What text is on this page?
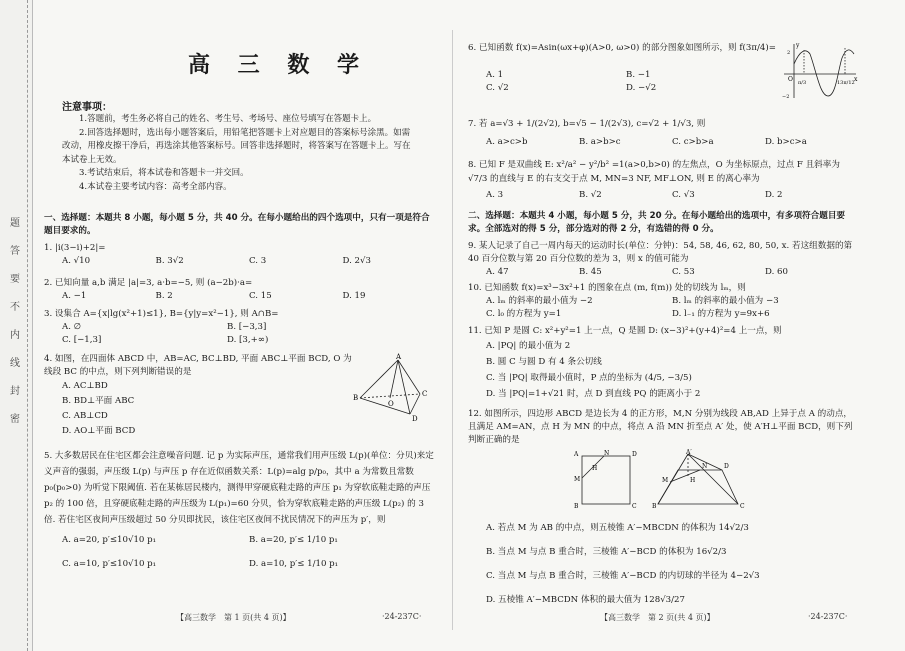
题
答
要
不
内
线
封
密
高 三 数 学
注意事项：

1.答题前，考生务必将自己的姓名、考生号、考场号、座位号填写在答题卡上。

2.回答选择题时，选出每小题答案后，用铅笔把答题卡上对应题目的答案标号涂黑。如需改动，用橡皮擦干净后，再选涂其他答案标号。回答非选择题时，将答案写在答题卡上。写在本试卷上无效。

3.考试结束后，将本试卷和答题卡一并交回。

4.本试卷主要考试内容：高考全部内容。

一、选择题：本题共 8 小题，每小题 5 分，共 40 分。在每小题给出的四个选项中，只有一项是符合题目要求的。
1. |i(3−i)+2|=
A. √10	B. 3√2	C. 3	D. 2√3
2. 已知向量 a,b 满足 |a|=3, a·b=−5, 则 (a−2b)·a=
A. −1	B. 2	C. 15	D. 19
3. 设集合 A={x|lg(x²+1)≤1}, B={y|y=x²−1}, 则 A∩B=
A. ∅	B. [−3,3]
C. [−1,3]	D. [3,+∞)
4. 如图，在四面体 ABCD 中，AB=AC, BC⊥BD, 平面 ABC⊥平面 BCD, O 为线段 BC 的中点，则下列判断错误的是
A. AC⊥BD
B. BD⊥平面 ABC
C. AB⊥CD
D. AO⊥平面 BCD
A
B
O
C
D
5. 大多数居民在住宅区都会注意噪音问题. 记 p 为实际声压，通常我们用声压级 L(p)(单位：分贝)来定义声音的强弱，声压级 L(p) 与声压 p 存在近似函数关系：L(p)=alg p/p₀，其中 a 为常数且常数 p₀(p₀>0) 为听觉下限阈值. 若在某栋居民楼内，测得甲穿硬底鞋走路的声压 p₁ 为穿软底鞋走路的声压 p₂ 的 100 倍，且穿硬底鞋走路的声压级为 L(p₁)=60 分贝，恰为穿软底鞋走路的声压级 L(p₂) 的 3 倍. 若住宅区夜间声压级超过 50 分贝即扰民，该住宅区夜间不扰民情况下的声压为 p′，则
A. a=20, p′≤10√10 p₁	B. a=20, p′≤ 1/10 p₁
C. a=10, p′≤10√10 p₁	D. a=10, p′≤ 1/10 p₁
【高三数学　第 1 页(共 4 页)】	·24-237C·
6. 已知函数 f(x)=Asin(ωx+φ)(A>0, ω>0) 的部分图象如图所示，则 f(3π/4)=
A. 1	B. −1
C. √2	D. −√2
y
O	x
π/3	13π/12
2
−2
7. 若 a=√3 + 1/(2√2), b=√5 − 1/(2√3), c=√2 + 1/√3, 则
A. a>c>b	B. a>b>c	C. c>b>a	D. b>c>a
8. 已知 F 是双曲线 E: x²/a² − y²/b² =1(a>0,b>0) 的左焦点，O 为坐标原点，过点 F 且斜率为 √7/3 的直线与 E 的右支交于点 M, MN=3 NF, MF⊥ON, 则 E 的离心率为
A. 3	B. √2	C. √3	D. 2
二、选择题：本题共 4 小题，每小题 5 分，共 20 分。在每小题给出的选项中，有多项符合题目要求。全部选对的得 5 分，部分选对的得 2 分，有选错的得 0 分。
9. 某人记录了自己一周内每天的运动时长(单位：分钟)：54, 58, 46, 62, 80, 50, x. 若这组数据的第 40 百分位数与第 20 百分位数的差为 3，则 x 的值可能为
A. 47	B. 45	C. 53	D. 60
10. 已知函数 f(x)=x³−3x²+1 的图象在点 (m, f(m)) 处的切线为 lₘ，则
A. lₘ 的斜率的最小值为 −2	B. lₘ 的斜率的最小值为 −3
C. l₀ 的方程为 y=1	D. l₋₁ 的方程为 y=9x+6
11. 已知 P 是圆 C: x²+y²=1 上一点，Q 是圆 D: (x−3)²+(y+4)²=4 上一点，则
A. |PQ| 的最小值为 2
B. 圆 C 与圆 D 有 4 条公切线
C. 当 |PQ| 取得最小值时，P 点的坐标为 (4/5, −3/5)
D. 当 |PQ|=1+√21 时，点 D 到直线 PQ 的距离小于 2
12. 如图所示，四边形 ABCD 是边长为 4 的正方形，M,N 分别为线段 AB,AD 上异于点 A 的动点，且满足 AM=AN，点 H 为 MN 的中点，将点 A 沿 MN 折至点 A′ 处，使 A′H⊥平面 BCD，则下列判断正确的是
A	N	D
M
H
B	C
A′
N	D
M	H
B	C
A. 若点 M 为 AB 的中点，则五棱锥 A′−MBCDN 的体积为 14√2/3
B. 当点 M 与点 B 重合时，三棱锥 A′−BCD 的体积为 16√2/3
C. 当点 M 与点 B 重合时，三棱锥 A′−BCD 的内切球的半径为 4−2√3
D. 五棱锥 A′−MBCDN 体积的最大值为 128√3/27
【高三数学　第 2 页(共 4 页)】	·24-237C·
